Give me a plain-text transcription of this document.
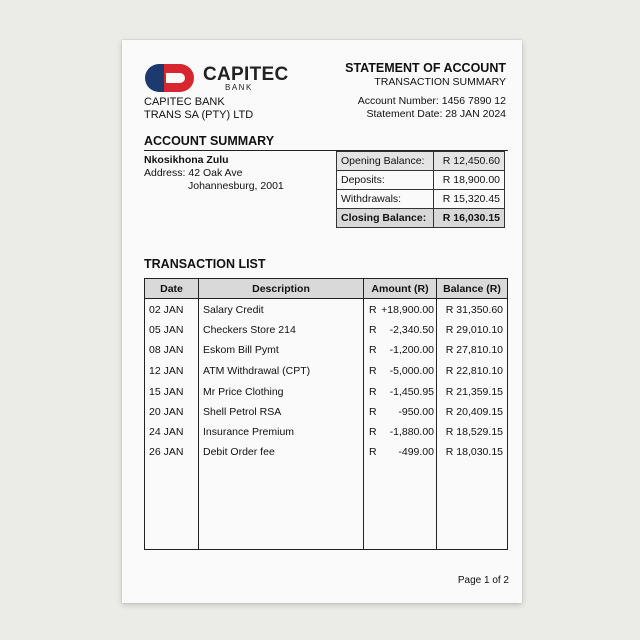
CAPITEC
BANK
CAPITEC BANK
TRANS SA (PTY) LTD
STATEMENT OF ACCOUNT
TRANSACTION SUMMARY
Account Number: 1456 7890 12
Statement Date: 28 JAN 2024
ACCOUNT SUMMARY
Nkosikhona Zulu
Address: 42 Oak Ave
Johannesburg, 2001
Opening Balance:	R 12,450.60
Deposits:	R 18,900.00
Withdrawals:	R 15,320.45
Closing Balance:	R 16,030.15
TRANSACTION LIST
Date	Description	Amount (R)	Balance (R)
02 JAN Salary Credit	R +18,900.00 R 31,350.60
05 JAN Checkers Store 214	R -2,340.50 R 29,010.10
08 JAN Eskom Bill Pymt	R -1,200.00 R 27,810.10
12 JAN ATM Withdrawal (CPT)	R -5,000.00 R 22,810.10
15 JAN Mr Price Clothing	R -1,450.95 R 21,359.15
20 JAN Shell Petrol RSA	R -950.00 R 20,409.15
24 JAN Insurance Premium	R -1,880.00 R 18,529.15
26 JAN Debit Order fee	R -499.00 R 18,030.15
Page 1 of 2
